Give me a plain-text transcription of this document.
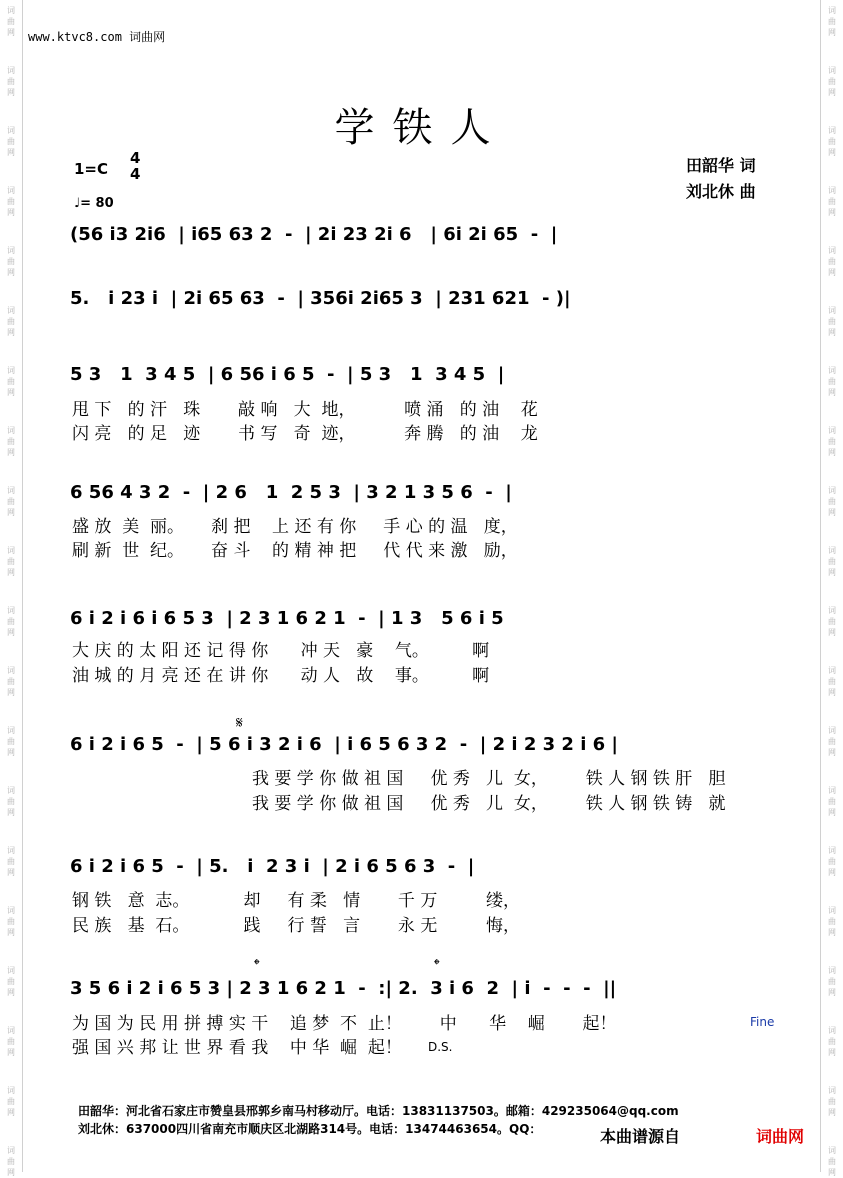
词
曲
网
词
曲
网
词
曲
网
词
曲
网
词
曲
网
词
曲
网
词
曲
网
词
曲
网
词
曲
网
词
曲
网
词
曲
网
词
曲
网
词
曲
网
词
曲
网
词
曲
网
词
曲
网
词
曲
网
词
曲
网
词
曲
网
词
曲
网
词
曲
网
词
曲
网
词
曲
网
词
曲
网
词
曲
网
词
曲
网
词
曲
网
词
曲
网
词
曲
网
词
曲
网
词
曲
网
词
曲
网
词
曲
网
词
曲
网
词
曲
网
词
曲
网
词
曲
网
词
曲
网
词
曲
网
词
曲
网
www.ktvc8.com 词曲网
学铁人
1=C
4
4
♩= 80
田韶华 词
刘北休 曲
(56 i3 2i6  | i65 63 2  -  | 2i 23 2i 6   | 6i 2i 65  -  |
5.   i 23 i  | 2i 65 63  -  | 356i 2i65 3  | 231 621  - )|
5 3   1  3 4 5  | 6 56 i 6 5  -  | 5 3   1  3 4 5  |
甩 下   的 汗   珠       敲 响   大  地，         喷 涌   的 油    花
闪 亮   的 足   迹       书 写   奇  迹，         奔 腾   的 油    龙
6 56 4 3 2  -  | 2 6   1  2 5 3  | 3 2 1 3 5 6  -  |
盛 放  美  丽。     刹 把    上 还 有 你     手 心 的 温   度，
刷 新  世  纪。     奋 斗    的 精 神 把     代 代 来 激   励，
6 i 2 i 6 i 6 5 3  | 2 3 1 6 2 1  -  | 1 3   5 6 i 5
大 庆 的 太 阳 还 记 得 你      冲 天   豪    气。        啊
油 城 的 月 亮 还 在 讲 你      动 人   故    事。        啊
𝄋
6 i 2 i 6 5  -  | 5 6 i 3 2 i 6  | i 6 5 6 3 2  -  | 2 i 2 3 2 i 6 |
我 要 学 你 做 祖 国     优 秀   儿  女，       铁 人 钢 铁 肝   胆
我 要 学 你 做 祖 国     优 秀   儿  女，       铁 人 钢 铁 铸   就
6 i 2 i 6 5  -  | 5.   i  2 3 i  | 2 i 6 5 6 3  -  |
钢 铁   意  志。          却     有 柔   情       千 万         缕，
民 族   基  石。          践     行 誓   言       永 无         悔，
𝄌	𝄌
3 5 6 i 2 i 6 5 3 | 2 3 1 6 2 1  -  :| 2.  3 i 6  2  | i  -  -  -  ||
为 国 为 民 用 拼 搏 实 干    追 梦  不  止！       中      华    崛       起！
强 国 兴 邦 让 世 界 看 我    中 华  崛  起！ D.S.
Fine
田韶华：河北省石家庄市赞皇县邢郭乡南马村移动厅。电话：13831137503。邮箱：429235064@qq.com
刘北休：637000四川省南充市顺庆区北湖路314号。电话：13474463654。QQ：	本曲谱源自	词曲网
